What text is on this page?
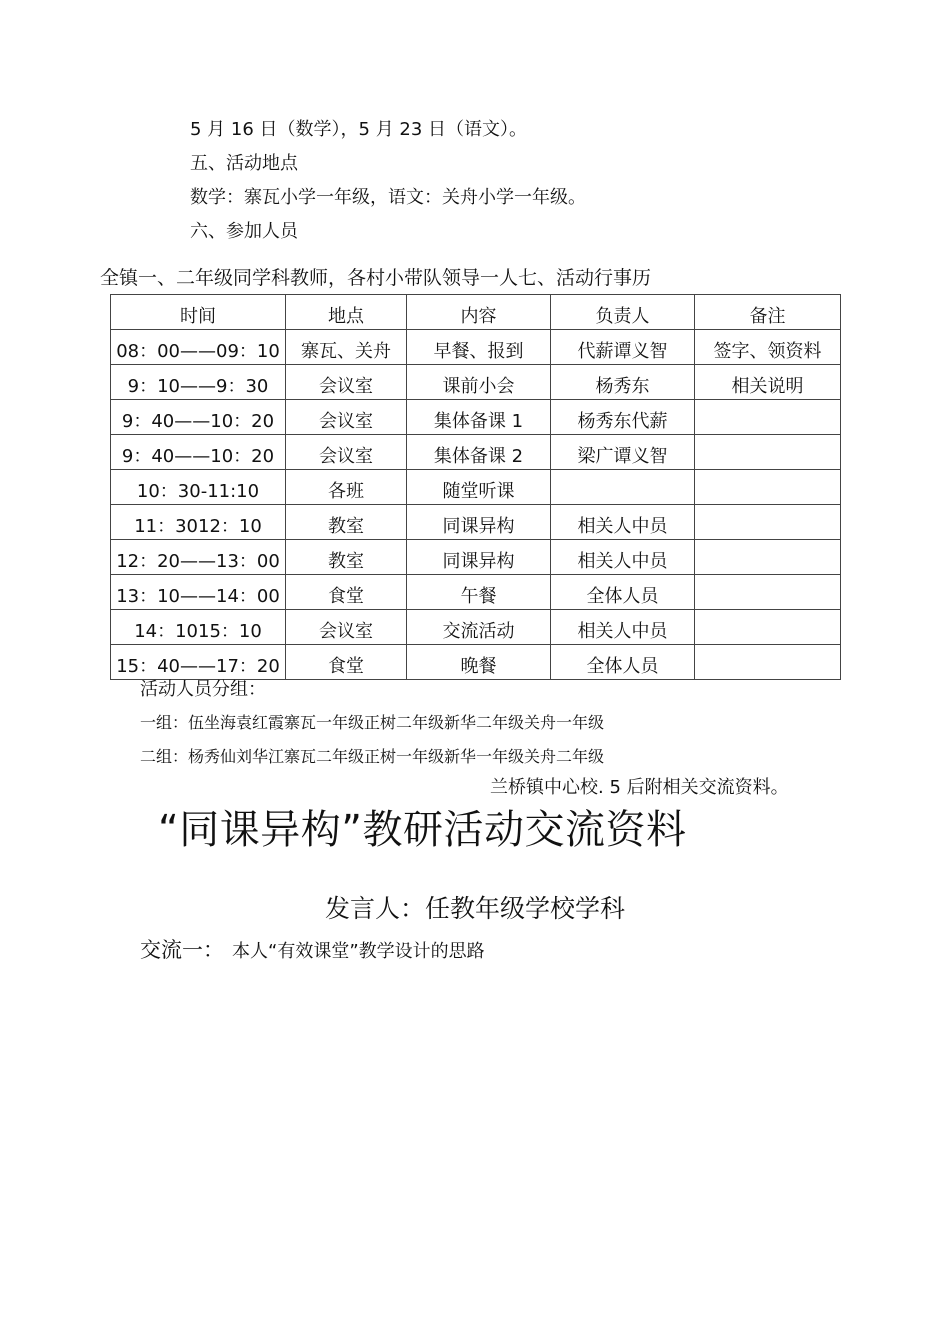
5 月 16 日（数学），5 月 23 日（语文）。
五、活动地点
数学：寨瓦小学一年级，语文：关舟小学一年级。
六、参加人员
全镇一、二年级同学科教师，各村小带队领导一人七、活动行事历
时间	地点	内容	负责人	备注
08：00——09：10	寨瓦、关舟	早餐、报到	代薪谭义智	签字、领资料
9：10——9：30	会议室	课前小会	杨秀东	相关说明
9：40——10：20	会议室	集体备课 1	杨秀东代薪	
9：40——10：20	会议室	集体备课 2	梁广谭义智	
10：30-11:10	各班	随堂听课		
11：3012：10	教室	同课异构	相关人中员	
12：20——13：00	教室	同课异构	相关人中员	
13：10——14：00	食堂	午餐	全体人员	
14：1015：10	会议室	交流活动	相关人中员	
15：40——17：20	食堂	晚餐	全体人员	
活动人员分组：
一组：伍坐海袁红霞寨瓦一年级正树二年级新华二年级关舟一年级
二组：杨秀仙刘华江寨瓦二年级正树一年级新华一年级关舟二年级
兰桥镇中心校. 5 后附相关交流资料。
“同课异构”教研活动交流资料
发言人：任教年级学校学科
交流一： 本人“有效课堂”教学设计的思路
